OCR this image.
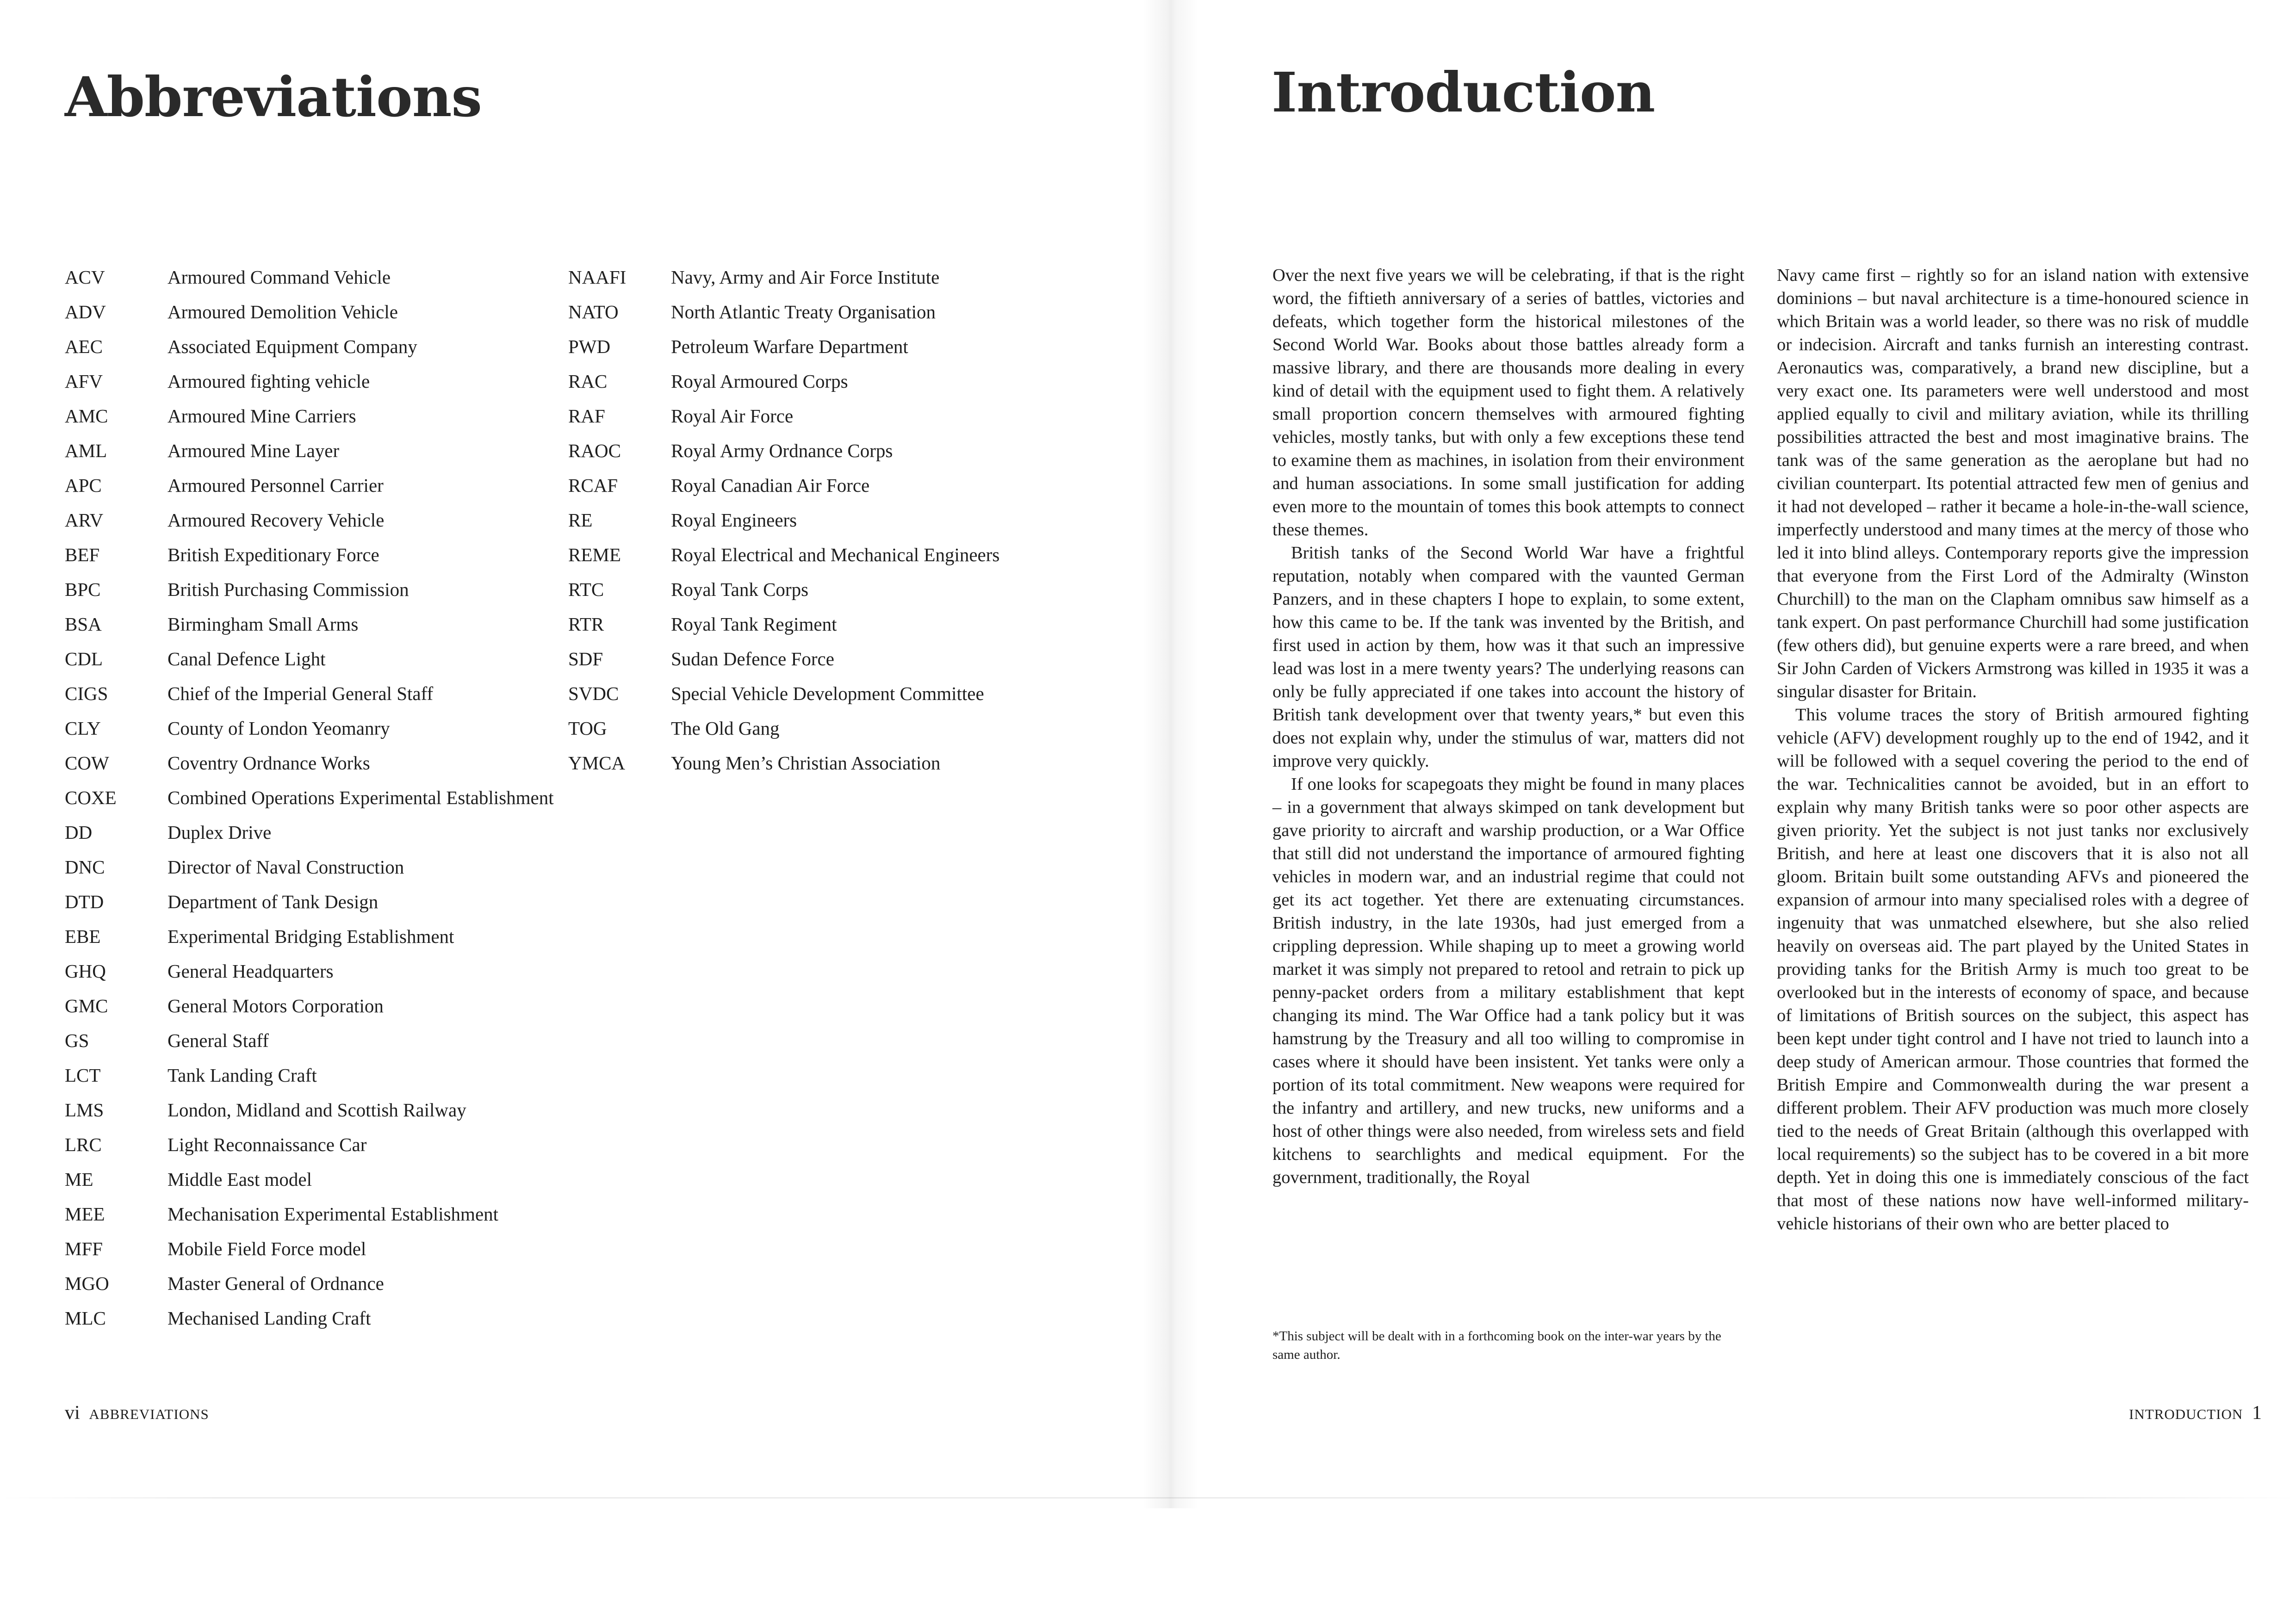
Abbreviations
ACV	Armoured Command Vehicle
ADV	Armoured Demolition Vehicle
AEC	Associated Equipment Company
AFV	Armoured fighting vehicle
AMC	Armoured Mine Carriers
AML	Armoured Mine Layer
APC	Armoured Personnel Carrier
ARV	Armoured Recovery Vehicle
BEF	British Expeditionary Force
BPC	British Purchasing Commission
BSA	Birmingham Small Arms
CDL	Canal Defence Light
CIGS	Chief of the Imperial General Staff
CLY	County of London Yeomanry
COW	Coventry Ordnance Works
COXE	Combined Operations Experimental Establishment
DD	Duplex Drive
DNC	Director of Naval Construction
DTD	Department of Tank Design
EBE	Experimental Bridging Establishment
GHQ	General Headquarters
GMC	General Motors Corporation
GS	General Staff
LCT	Tank Landing Craft
LMS	London, Midland and Scottish Railway
LRC	Light Reconnaissance Car
ME	Middle East model
MEE	Mechanisation Experimental Establishment
MFF	Mobile Field Force model
MGO	Master General of Ordnance
MLC	Mechanised Landing Craft
NAAFI	Navy, Army and Air Force Institute
NATO	North Atlantic Treaty Organisation
PWD	Petroleum Warfare Department
RAC	Royal Armoured Corps
RAF	Royal Air Force
RAOC	Royal Army Ordnance Corps
RCAF	Royal Canadian Air Force
RE	Royal Engineers
REME	Royal Electrical and Mechanical Engineers
RTC	Royal Tank Corps
RTR	Royal Tank Regiment
SDF	Sudan Defence Force
SVDC	Special Vehicle Development Committee
TOG	The Old Gang
YMCA	Young Men’s Christian Association
vi ABBREVIATIONS
Introduction

Over the next five years we will be celebrating, if that is the right word, the fiftieth anniversary of a series of battles, victories and defeats, which together form the historical milestones of the Second World War. Books about those battles already form a massive library, and there are thousands more dealing in every kind of detail with the equipment used to fight them. A relatively small proportion concern themselves with armoured fighting vehicles, mostly tanks, but with only a few exceptions these tend to examine them as machines, in isolation from their environment and human associations. In some small justification for adding even more to the mountain of tomes this book attempts to connect these themes.

British tanks of the Second World War have a frightful reputation, notably when compared with the vaunted German Panzers, and in these chapters I hope to explain, to some extent, how this came to be. If the tank was invented by the British, and first used in action by them, how was it that such an impressive lead was lost in a mere twenty years? The underlying reasons can only be fully appreciated if one takes into account the history of British tank development over that twenty years,* but even this does not explain why, under the stimulus of war, matters did not improve very quickly.

If one looks for scapegoats they might be found in many places – in a government that always skimped on tank development but gave priority to aircraft and warship production, or a War Office that still did not understand the importance of armoured fighting vehicles in modern war, and an industrial regime that could not get its act together. Yet there are extenuating circumstances. British industry, in the late 1930s, had just emerged from a crippling depression. While shaping up to meet a growing world market it was simply not prepared to retool and retrain to pick up penny-packet orders from a military establishment that kept changing its mind. The War Office had a tank policy but it was hamstrung by the Treasury and all too willing to compromise in cases where it should have been insistent. Yet tanks were only a portion of its total commitment. New weapons were required for the infantry and artillery, and new trucks, new uniforms and a host of other things were also needed, from wireless sets and field kitchens to searchlights and medical equipment. For the government, traditionally, the Royal

*This subject will be dealt with in a forthcoming book on the inter-war years by the same author.

Navy came first – rightly so for an island nation with extensive dominions – but naval architecture is a time-honoured science in which Britain was a world leader, so there was no risk of muddle or indecision. Aircraft and tanks furnish an interesting contrast. Aeronautics was, comparatively, a brand new discipline, but a very exact one. Its parameters were well understood and most applied equally to civil and military aviation, while its thrilling possibilities attracted the best and most imaginative brains. The tank was of the same generation as the aeroplane but had no civilian counterpart. Its potential attracted few men of genius and it had not developed – rather it became a hole-in-the-wall science, imperfectly understood and many times at the mercy of those who led it into blind alleys. Contemporary reports give the impression that everyone from the First Lord of the Admiralty (Winston Churchill) to the man on the Clapham omnibus saw himself as a tank expert. On past performance Churchill had some justification (few others did), but genuine experts were a rare breed, and when Sir John Carden of Vickers Armstrong was killed in 1935 it was a singular disaster for Britain.

This volume traces the story of British armoured fighting vehicle (AFV) development roughly up to the end of 1942, and it will be followed with a sequel covering the period to the end of the war. Technicalities cannot be avoided, but in an effort to explain why many British tanks were so poor other aspects are given priority. Yet the subject is not just tanks nor exclusively British, and here at least one discovers that it is also not all gloom. Britain built some outstanding AFVs and pioneered the expansion of armour into many specialised roles with a degree of ingenuity that was unmatched elsewhere, but she also relied heavily on overseas aid. The part played by the United States in providing tanks for the British Army is much too great to be overlooked but in the interests of economy of space, and because of limitations of British sources on the subject, this aspect has been kept under tight control and I have not tried to launch into a deep study of American armour. Those countries that formed the British Empire and Commonwealth during the war present a different problem. Their AFV production was much more closely tied to the needs of Great Britain (although this overlapped with local requirements) so the subject has to be covered in a bit more depth. Yet in doing this one is immediately conscious of the fact that most of these nations now have well-informed military-vehicle historians of their own who are better placed to

INTRODUCTION 1
